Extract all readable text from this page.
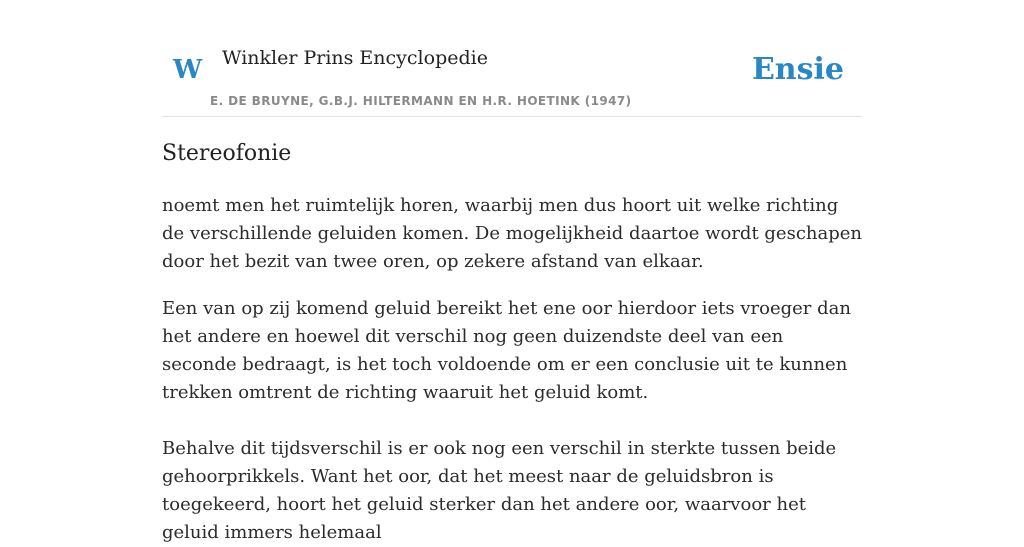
W Winkler Prins Encyclopedie
E. DE BRUYNE, G.B.J. HILTERMANN EN H.R. HOETINK (1947)
Ensie
Stereofonie

noemt men het ruimtelijk horen, waarbij men dus hoort uit welke richting de verschillende geluiden komen. De mogelijkheid daartoe wordt geschapen door het bezit van twee oren, op zekere afstand van elkaar.

Een van op zij komend geluid bereikt het ene oor hierdoor iets vroeger dan het andere en hoewel dit verschil nog geen duizendste deel van een seconde bedraagt, is het toch voldoende om er een conclusie uit te kunnen trekken omtrent de richting waaruit het geluid komt.

Behalve dit tijdsverschil is er ook nog een verschil in sterkte tussen beide gehoorprikkels. Want het oor, dat het meest naar de geluidsbron is toegekeerd, hoort het geluid sterker dan het andere oor, waarvoor het geluid immers helemaal
